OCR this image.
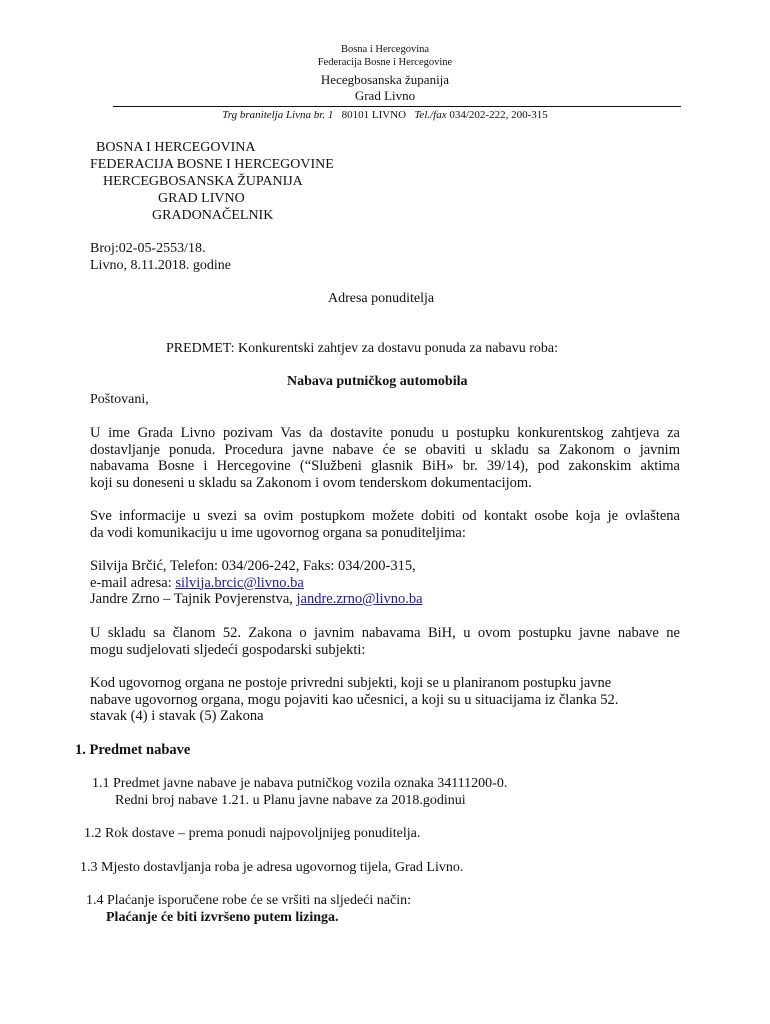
Bosna i Hercegovina
Federacija Bosne i Hercegovine
Hecegbosanska županija
Grad Livno
Trg branitelja Livna br. 1 80101 LIVNO Tel./fax 034/202-222, 200-315
BOSNA I HERCEGOVINA
FEDERACIJA BOSNE I HERCEGOVINE
HERCEGBOSANSKA ŽUPANIJA
GRAD LIVNO
GRADONAČELNIK
Broj:02-05-2553/18.
Livno, 8.11.2018. godine
Adresa ponuditelja
PREDMET: Konkurentski zahtjev za dostavu ponuda za nabavu roba:
Nabava putničkog automobila
Poštovani,
U ime Grada Livno pozivam Vas da dostavite ponudu u postupku konkurentskog zahtjeva za
dostavljanje ponuda. Procedura javne nabave će se obaviti u skladu sa Zakonom o javnim
nabavama Bosne i Hercegovine (“Službeni glasnik BiH» br. 39/14), pod zakonskim aktima
koji su doneseni u skladu sa Zakonom i ovom tenderskom dokumentacijom.
Sve informacije u svezi sa ovim postupkom možete dobiti od kontakt osobe koja je ovlaštena
da vodi komunikaciju u ime ugovornog organa sa ponuditeljima:
Silvija Brčić, Telefon: 034/206-242, Faks: 034/200-315,
e-mail adresa: silvija.brcic@livno.ba
Jandre Zrno – Tajnik Povjerenstva, jandre.zrno@livno.ba
U skladu sa članom 52. Zakona o javnim nabavama BiH, u ovom postupku javne nabave ne
mogu sudjelovati sljedeći gospodarski subjekti:
Kod ugovornog organa ne postoje privredni subjekti, koji se u planiranom postupku javne
nabave ugovornog organa, mogu pojaviti kao učesnici, a koji su u situacijama iz članka 52.
stavak (4) i stavak (5) Zakona
1. Predmet nabave
1.1 Predmet javne nabave je nabava putničkog vozila oznaka 34111200-0.
Redni broj nabave 1.21. u Planu javne nabave za 2018.godinui
1.2 Rok dostave – prema ponudi najpovoljnijeg ponuditelja.
1.3 Mjesto dostavljanja roba je adresa ugovornog tijela, Grad Livno.
1.4 Plaćanje isporučene robe će se vršiti na sljedeći način:
Plaćanje će biti izvršeno putem lizinga.
